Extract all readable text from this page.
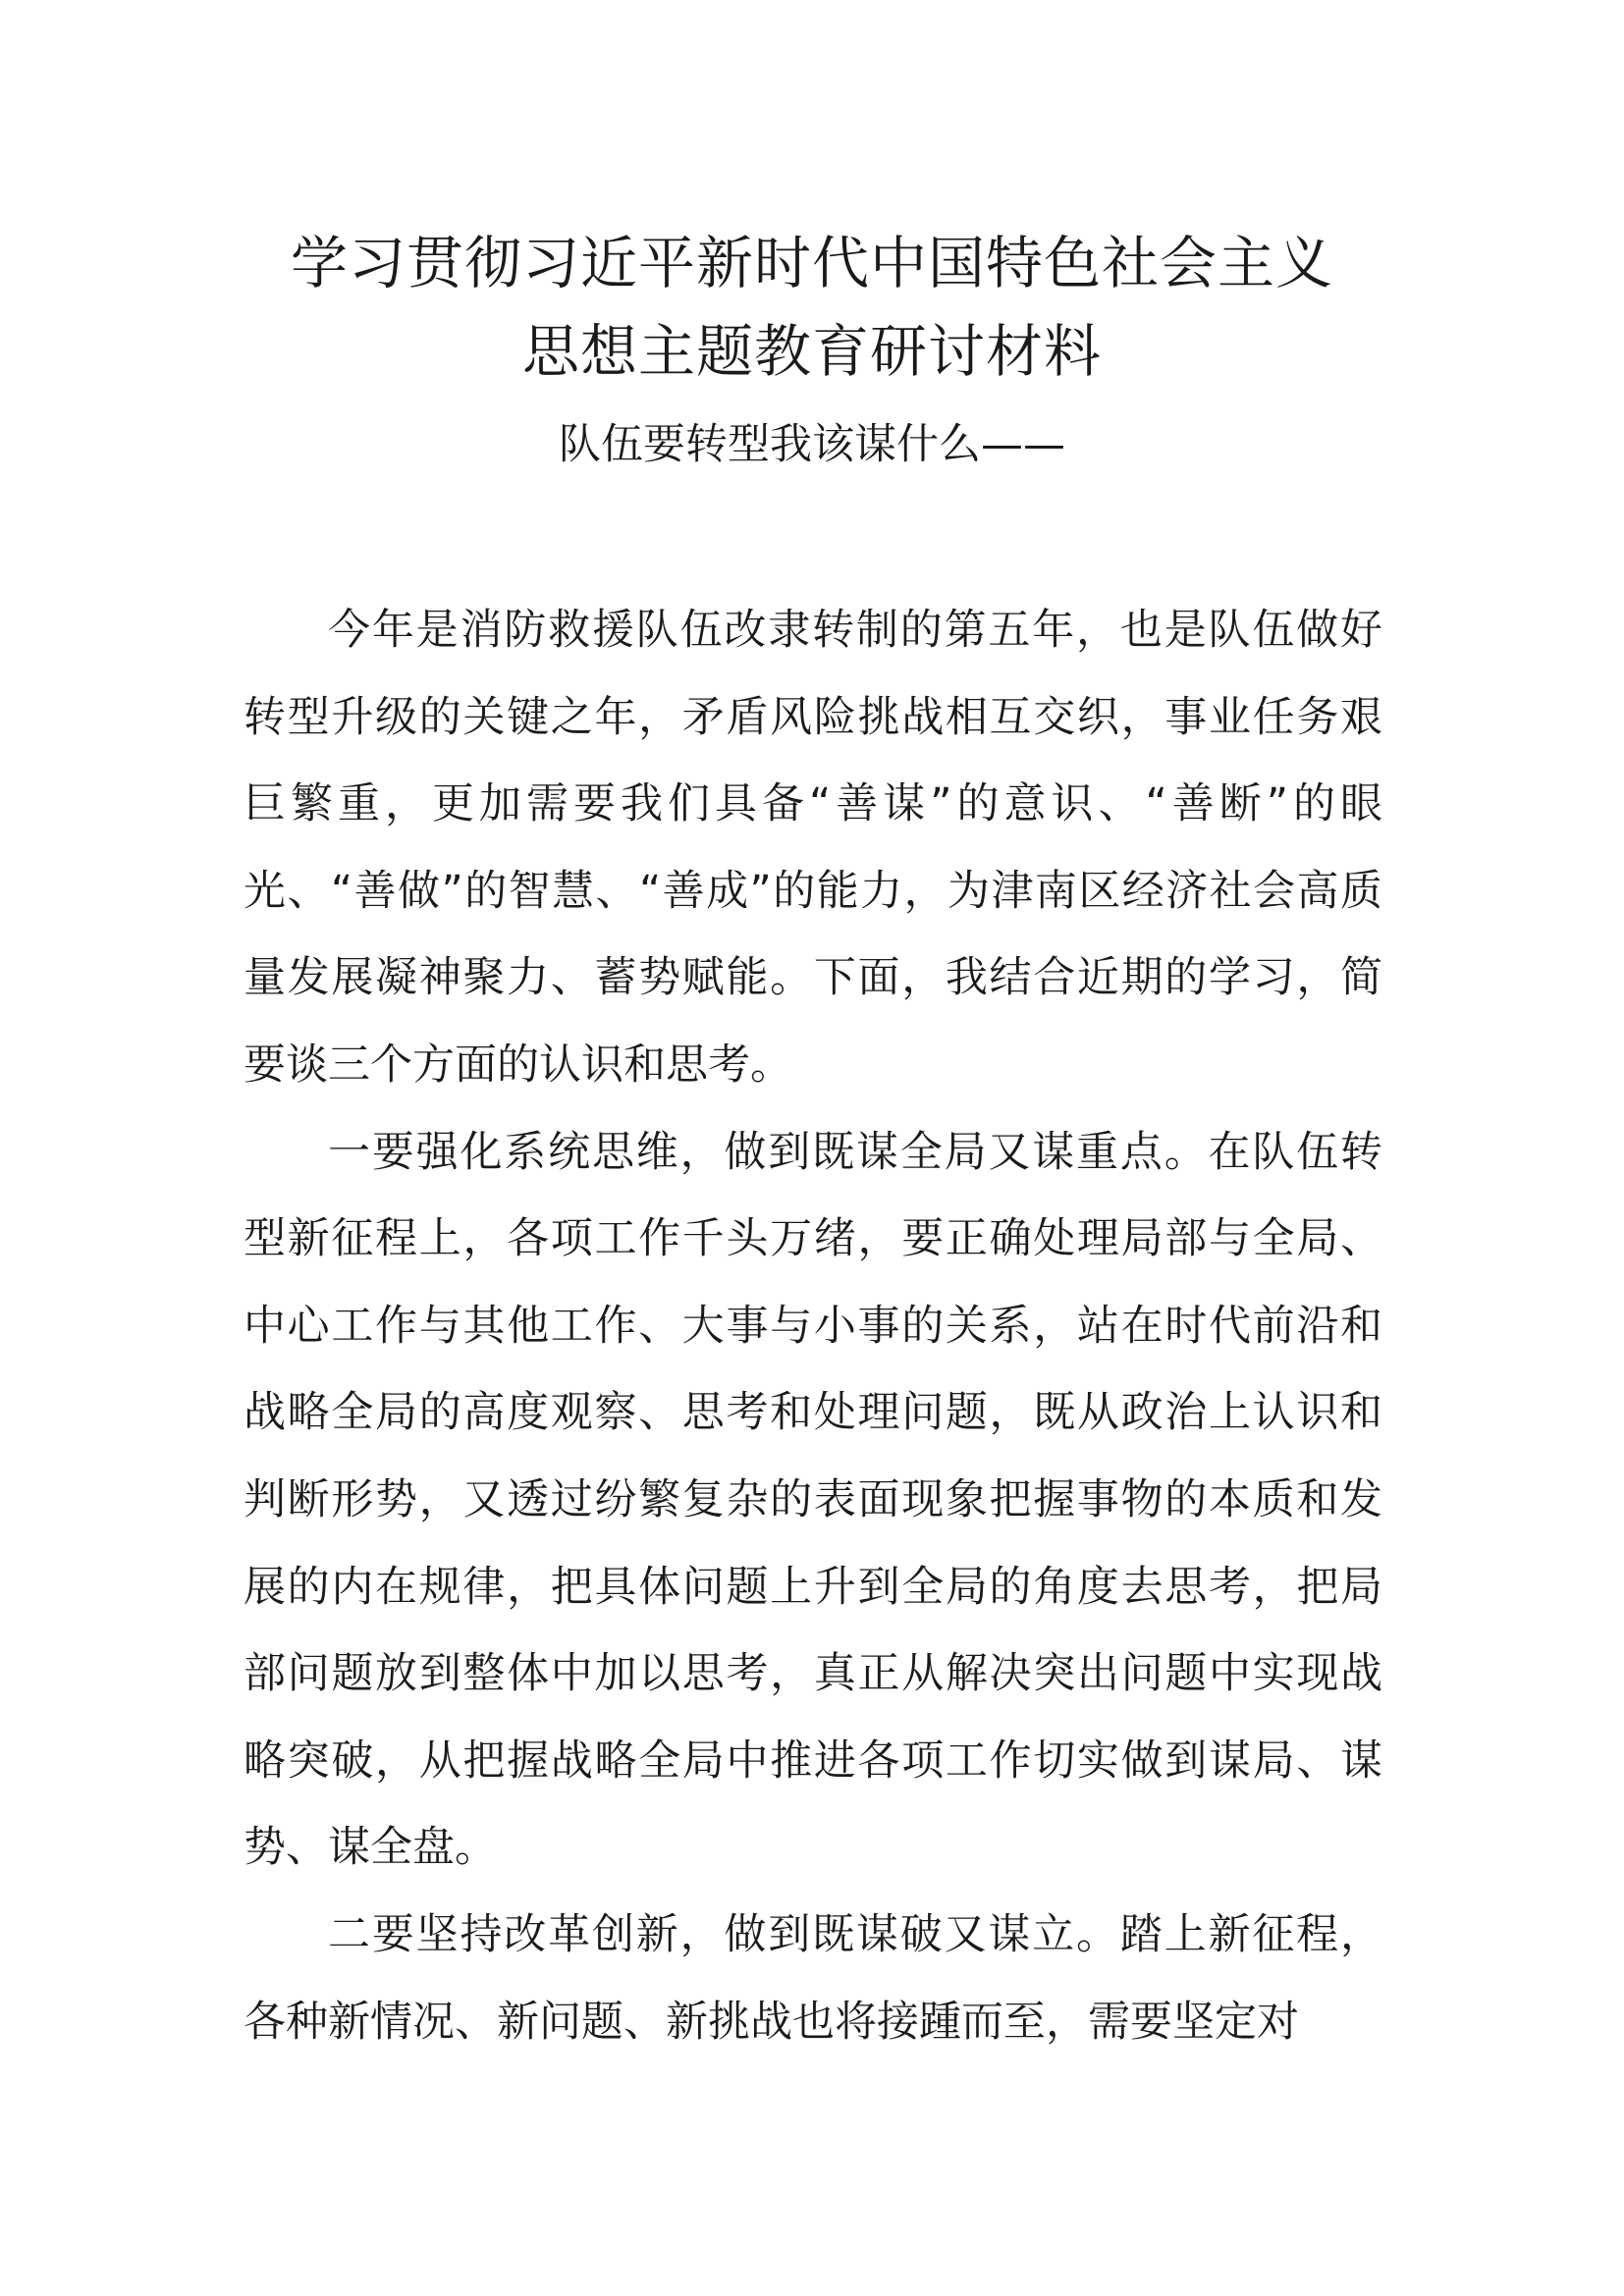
学习贯彻习近平新时代中国特色社会主义
思想主题教育研讨材料
队伍要转型我该谋什么——

今年是消防救援队伍改隶转制的第五年，也是队伍做好转型升级的关键之年，矛盾风险挑战相互交织，事业任务艰巨繁重，更加需要我们具备“善谋”的意识、“善断”的眼光、“善做”的智慧、“善成”的能力，为津南区经济社会高质量发展凝神聚力、蓄势赋能。下面，我结合近期的学习，简要谈三个方面的认识和思考。

一要强化系统思维，做到既谋全局又谋重点。在队伍转型新征程上，各项工作千头万绪，要正确处理局部与全局、中心工作与其他工作、大事与小事的关系，站在时代前沿和战略全局的高度观察、思考和处理问题，既从政治上认识和判断形势，又透过纷繁复杂的表面现象把握事物的本质和发展的内在规律，把具体问题上升到全局的角度去思考，把局部问题放到整体中加以思考，真正从解决突出问题中实现战略突破，从把握战略全局中推进各项工作切实做到谋局、谋势、谋全盘。

二要坚持改革创新，做到既谋破又谋立。踏上新征程，各种新情况、新问题、新挑战也将接踵而至，需要坚定对
